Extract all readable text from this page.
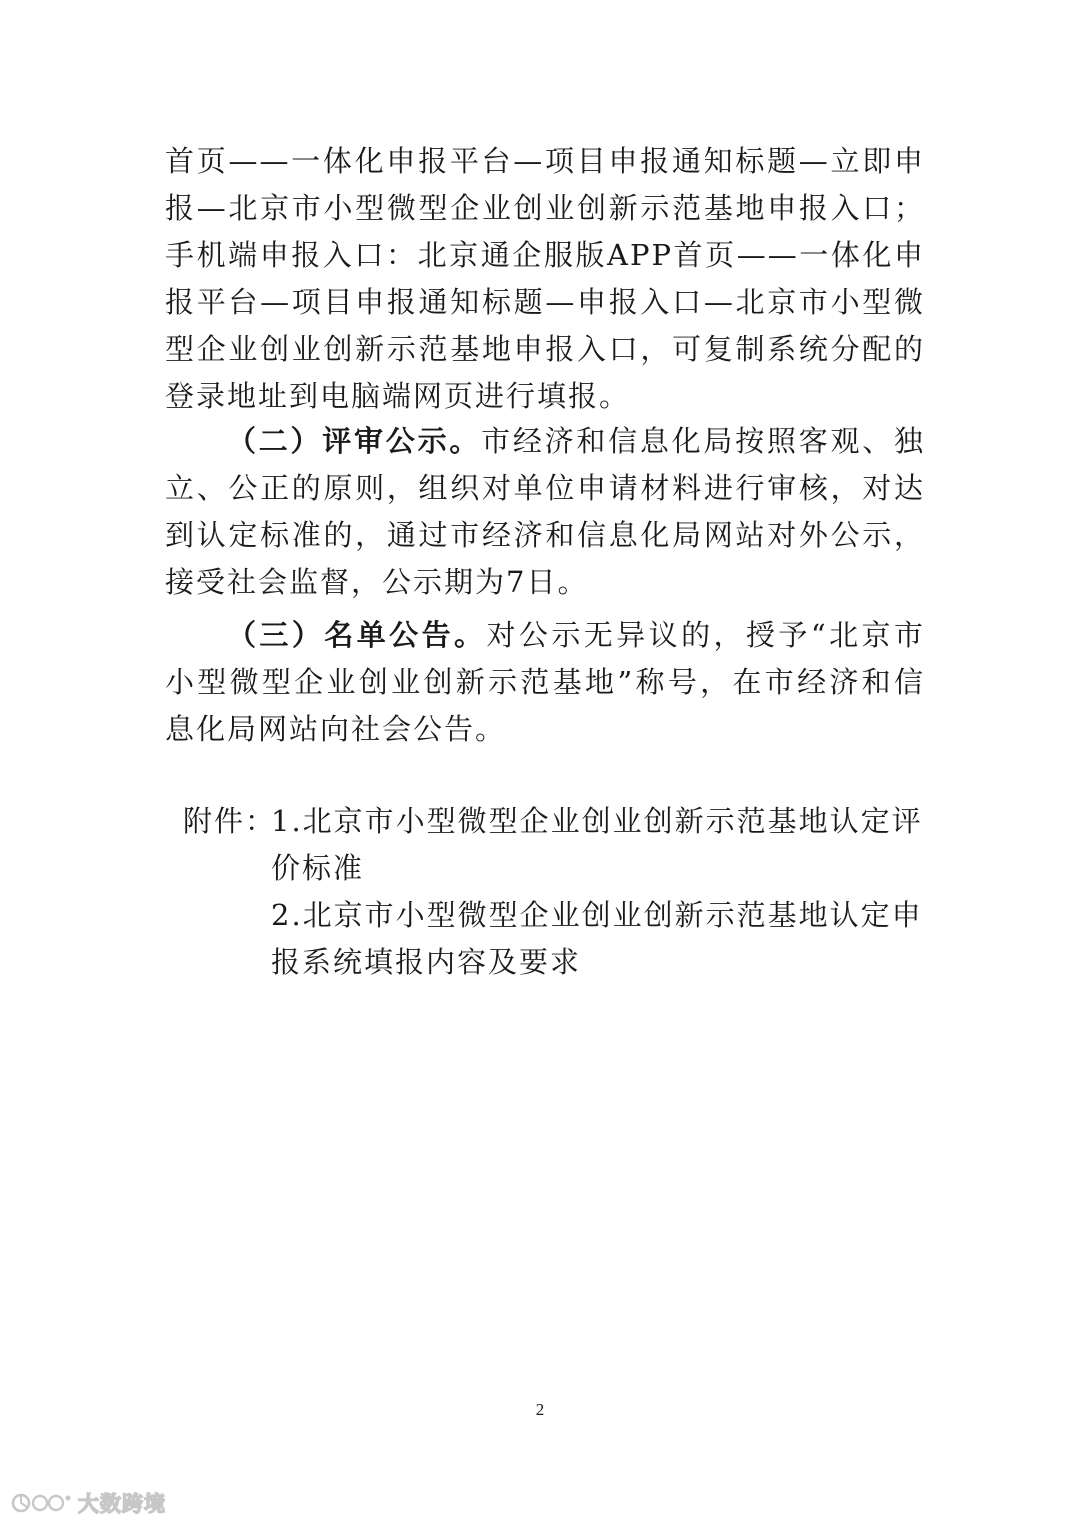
首页——一体化申报平台—项目申报通知标题—立即申报—北京市小型微型企业创业创新示范基地申报入口；手机端申报入口：北京通企服版APP首页——一体化申报平台—项目申报通知标题—申报入口—北京市小型微型企业创业创新示范基地申报入口，可复制系统分配的登录地址到电脑端网页进行填报。

（二）评审公示。市经济和信息化局按照客观、独立、公正的原则，组织对单位申请材料进行审核，对达到认定标准的，通过市经济和信息化局网站对外公示，接受社会监督，公示期为7日。

（三）名单公告。对公示无异议的，授予“北京市小型微型企业创业创新示范基地”称号，在市经济和信息化局网站向社会公告。

附件：
1.北京市小型微型企业创业创新示范基地认定评价标准
2.北京市小型微型企业创业创新示范基地认定申报系统填报内容及要求
2
大数跨境
